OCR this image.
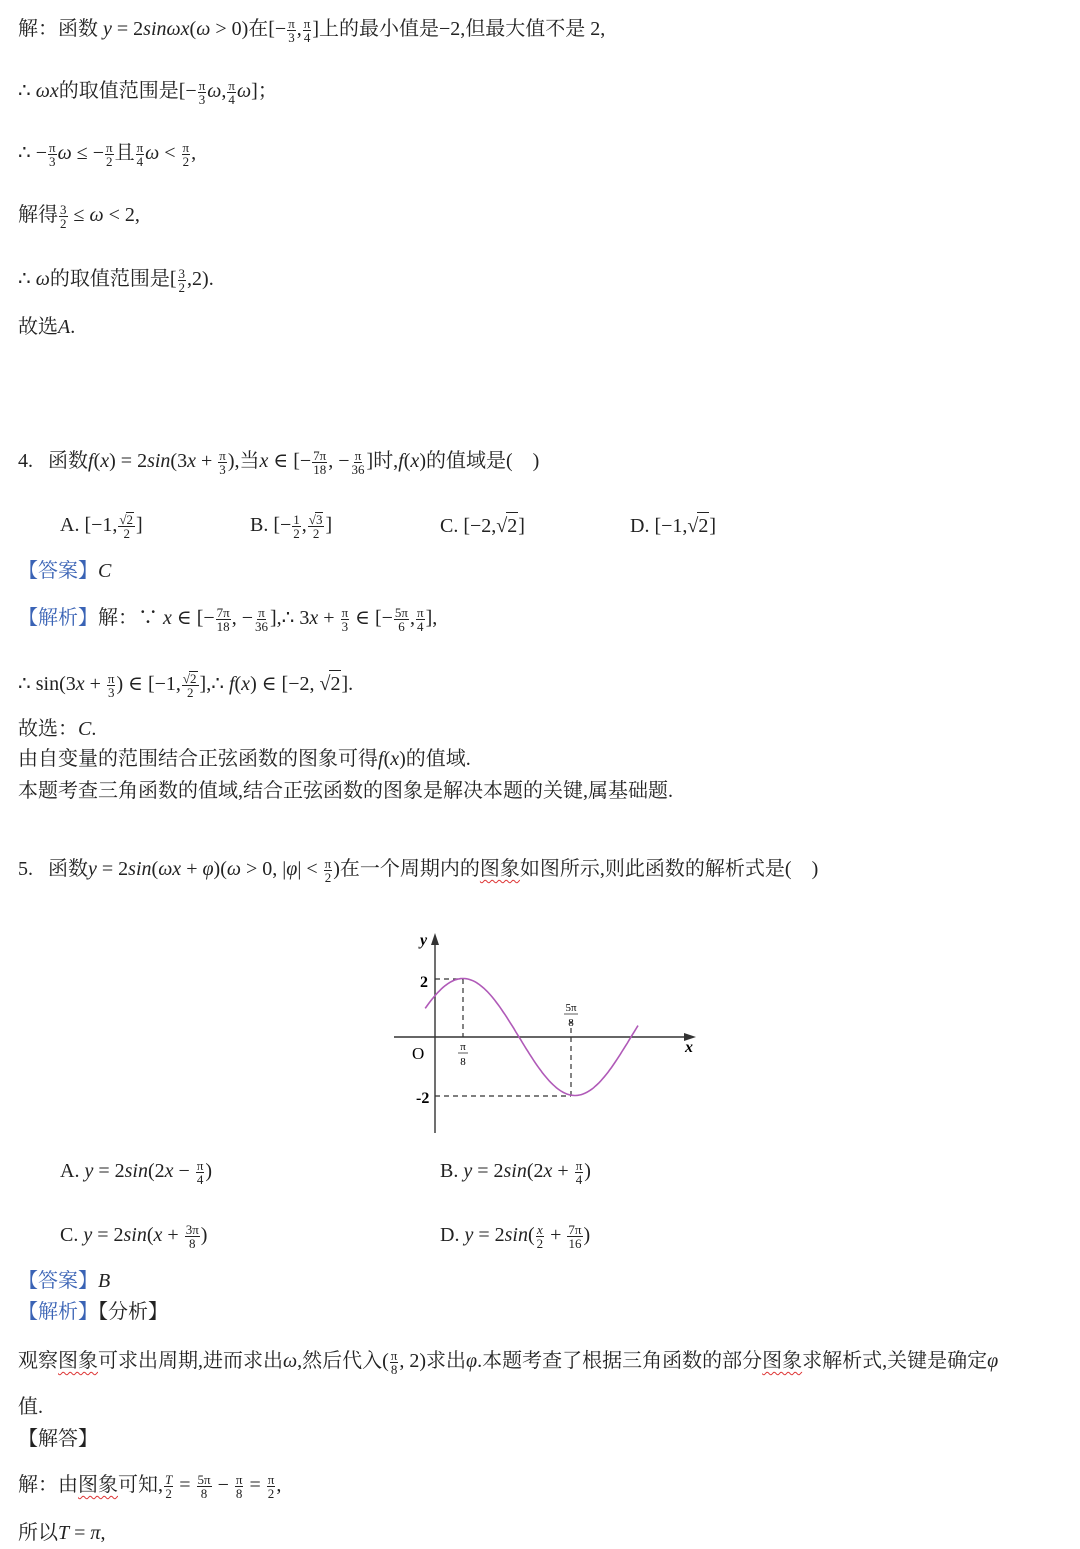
解：函数 y = 2sinωx(ω > 0)在[− $\frac{\pi}{3}$ , $\frac{\pi}{4}$ ]上的最小值是−2,但最大值不是 2,
∴ ωx的取值范围是[− $\frac{\pi}{3} \omega$, $\frac{\pi}{4} \omega$]；
∴ − $\frac{\pi}{3}$ ω ≤ − $\frac{\pi}{2}$ 且 $\frac{\pi}{4}$ $\omega < \frac{\pi}{2}$ ,
解得 $\frac{3}{2} \le \omega < 2$,
∴ ω的取值范围是[ $\frac{3}{2} ,2$).
故选A.
4. 函数$f(x) = 2\sin(3x + \frac{\pi}{3}$ ),当x ∈ [− $\frac{7\pi}{18}$ , − $\frac{\pi}{36}$ ]时,f(x)的值域是( )
A. [−1, $\frac{√2}{2}$ ]	B. [− $\frac{1}{2}$ , $\frac{√3}{2}$ ]	C. [−2,√2]	D. [−1,√2]
【答案】C
【解析】解：∵ x ∈ [− $\frac{7\pi}{18}$ , − $\frac{\pi}{36}$ ],∴ $3x + \frac{\pi}{3}$ ∈ [− $\frac{5\pi}{6}$ , $\frac{\pi}{4}$ ],
∴ $\sin(3x + \frac{\pi}{3}$ ) ∈ [−1, $\frac{√2}{2}$ ],∴ f(x) ∈ [−2, √2].
故选：C.
由自变量的范围结合正弦函数的图象可得f(x)的值域.
本题考查三角函数的值域,结合正弦函数的图象是解决本题的关键,属基础题.
5. 函数y = 2sin(ωx + φ)(ω > 0, $|\varphi| < \frac{\pi}{2}$ )在一个周期内的图象如图所示,则此函数的解析式是( )
y
x
O
2
-2
π
8
5π
8
A. $y = 2\sin(2x - \frac{\pi}{4}$ )	B. $y = 2\sin(2x + \frac{\pi}{4}$ )
C. $y = 2\sin(x + \frac{3\pi}{8}$ )	D. $y = 2\sin( \frac{x}{2} + \frac{7\pi}{16}$ )
【答案】B
【解析】【分析】
观察图象可求出周期,进而求出ω,然后代入( $\frac{\pi}{8}$ , 2)求出φ.本题考查了根据三角函数的部分图象求解析式,关键是确定φ
值.
【解答】
解：由图象可知, $\frac{T}{2} = \frac{5\pi}{8} - \frac{\pi}{8} = \frac{\pi}{2}$ ,
所以T = π,
